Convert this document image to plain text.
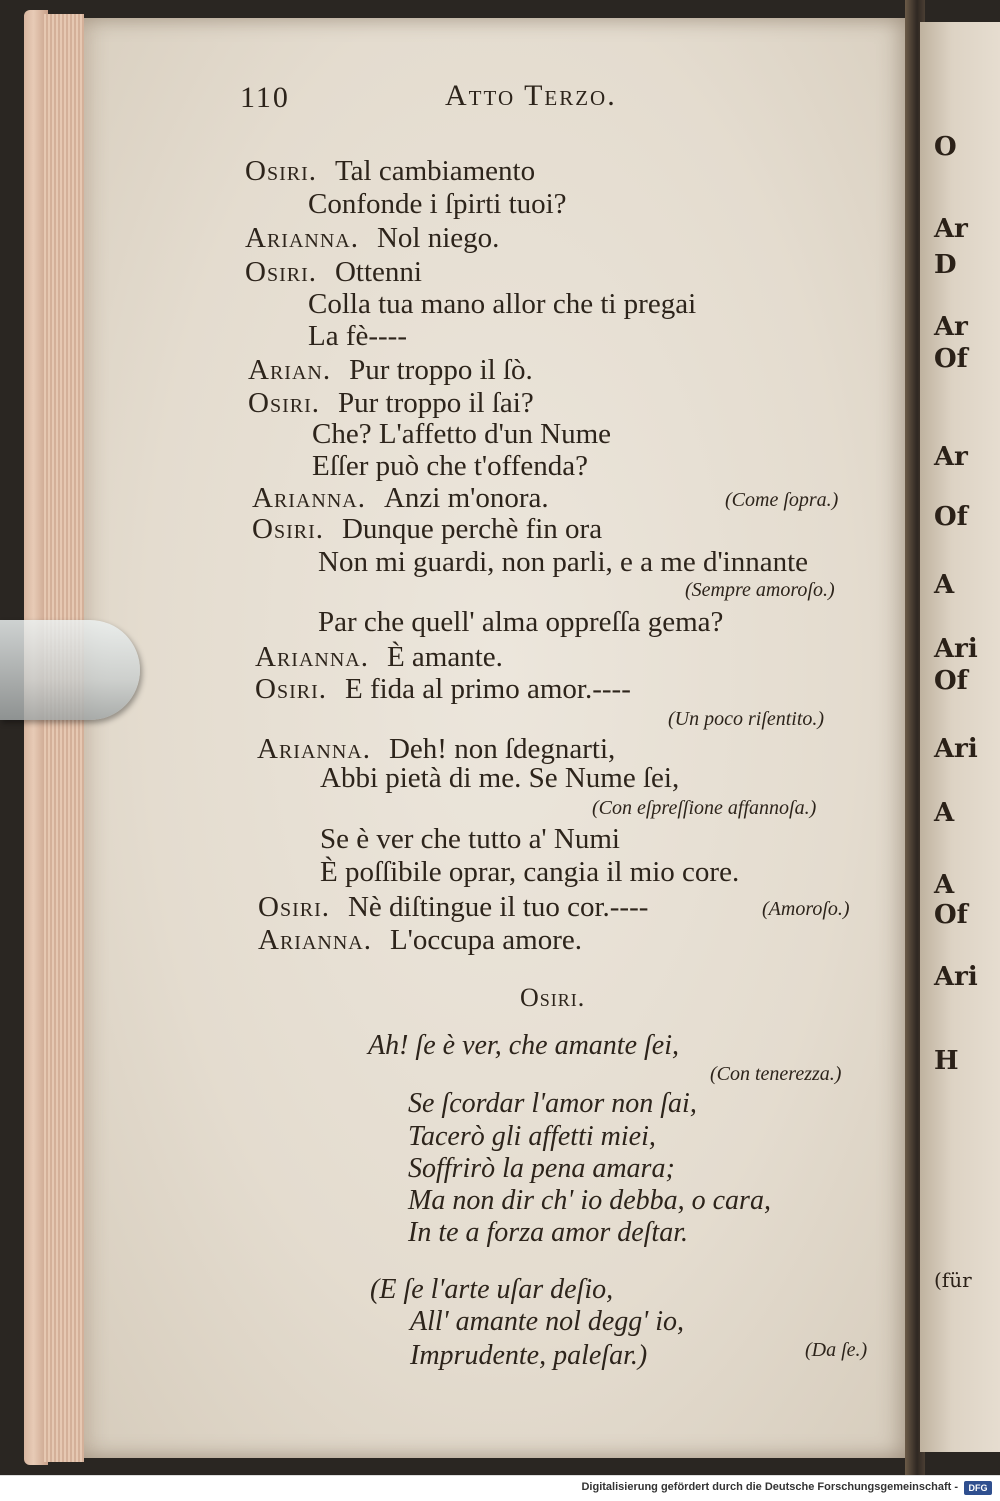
O
Ar
D
Ar
Of
Ar
Of
A
Ari
Of
Ari
A
A
Of
Ari
H
(für
110	Atto Terzo.
Osiri. Tal cambiamento
Confonde i ſpirti tuoi?
Arianna. Nol niego.
Osiri. Ottenni
Colla tua mano allor che ti pregai
La fè----
Arian. Pur troppo il ſò.
Osiri. Pur troppo il ſai?
Che? L'affetto d'un Nume
Eſſer può che t'offenda?
Arianna. Anzi m'onora.	(Come ſopra.)
Osiri. Dunque perchè fin ora
Non mi guardi, non parli, e a me d'innante
(Sempre amoroſo.)
Par che quell' alma oppreſſa gema?
Arianna. È amante.
Osiri. E fida al primo amor.----
(Un poco riſentito.)
Arianna. Deh! non ſdegnarti,
Abbi pietà di me. Se Nume ſei,
(Con eſpreſſione affannoſa.)
Se è ver che tutto a' Numi
È poſſibile oprar, cangia il mio core.
Osiri. Nè diſtingue il tuo cor.----	(Amoroſo.)
Arianna. L'occupa amore.
Osiri.
Ah! ſe è ver, che amante ſei,
(Con tenerezza.)
Se ſcordar l'amor non ſai,
Tacerò gli affetti miei,
Soffrirò la pena amara;
Ma non dir ch' io debba, o cara,
In te a forza amor deſtar.
(E ſe l'arte uſar deſio,
All' amante nol degg' io,
Imprudente, paleſar.)	(Da ſe.)
Digitalisierung gefördert durch die Deutsche Forschungsgemeinschaft -	DFG
